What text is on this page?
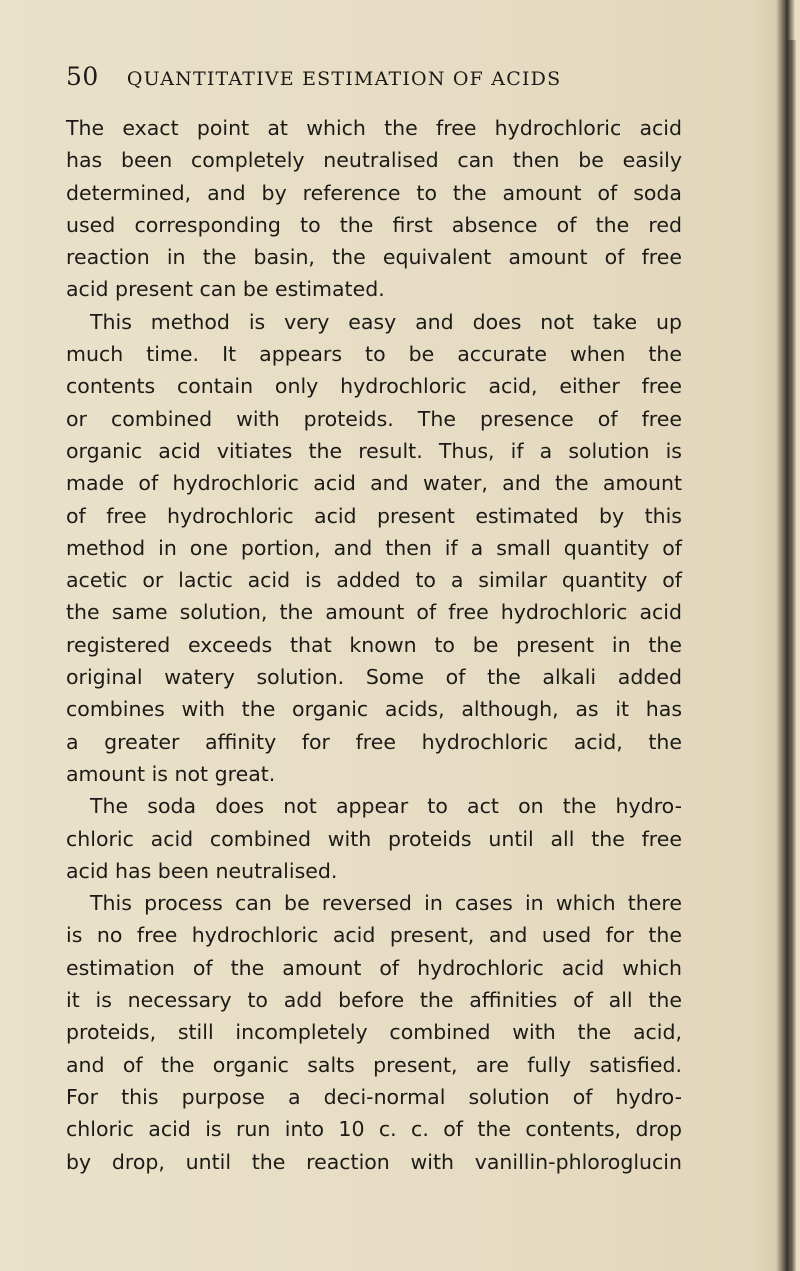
50 QUANTITATIVE ESTIMATION OF ACIDS
The exact point at which the free hydrochloric acid
has been completely neutralised can then be easily
determined, and by reference to the amount of soda
used corresponding to the first absence of the red
reaction in the basin, the equivalent amount of free
acid present can be estimated.
This method is very easy and does not take up
much time. It appears to be accurate when the
contents contain only hydrochloric acid, either free
or combined with proteids. The presence of free
organic acid vitiates the result. Thus, if a solution is
made of hydrochloric acid and water, and the amount
of free hydrochloric acid present estimated by this
method in one portion, and then if a small quantity of
acetic or lactic acid is added to a similar quantity of
the same solution, the amount of free hydrochloric acid
registered exceeds that known to be present in the
original watery solution. Some of the alkali added
combines with the organic acids, although, as it has
a greater affinity for free hydrochloric acid, the
amount is not great.
The soda does not appear to act on the hydro-
chloric acid combined with proteids until all the free
acid has been neutralised.
This process can be reversed in cases in which there
is no free hydrochloric acid present, and used for the
estimation of the amount of hydrochloric acid which
it is necessary to add before the affinities of all the
proteids, still incompletely combined with the acid,
and of the organic salts present, are fully satisfied.
For this purpose a deci-normal solution of hydro-
chloric acid is run into 10 c. c. of the contents, drop
by drop, until the reaction with vanillin-phloroglucin
